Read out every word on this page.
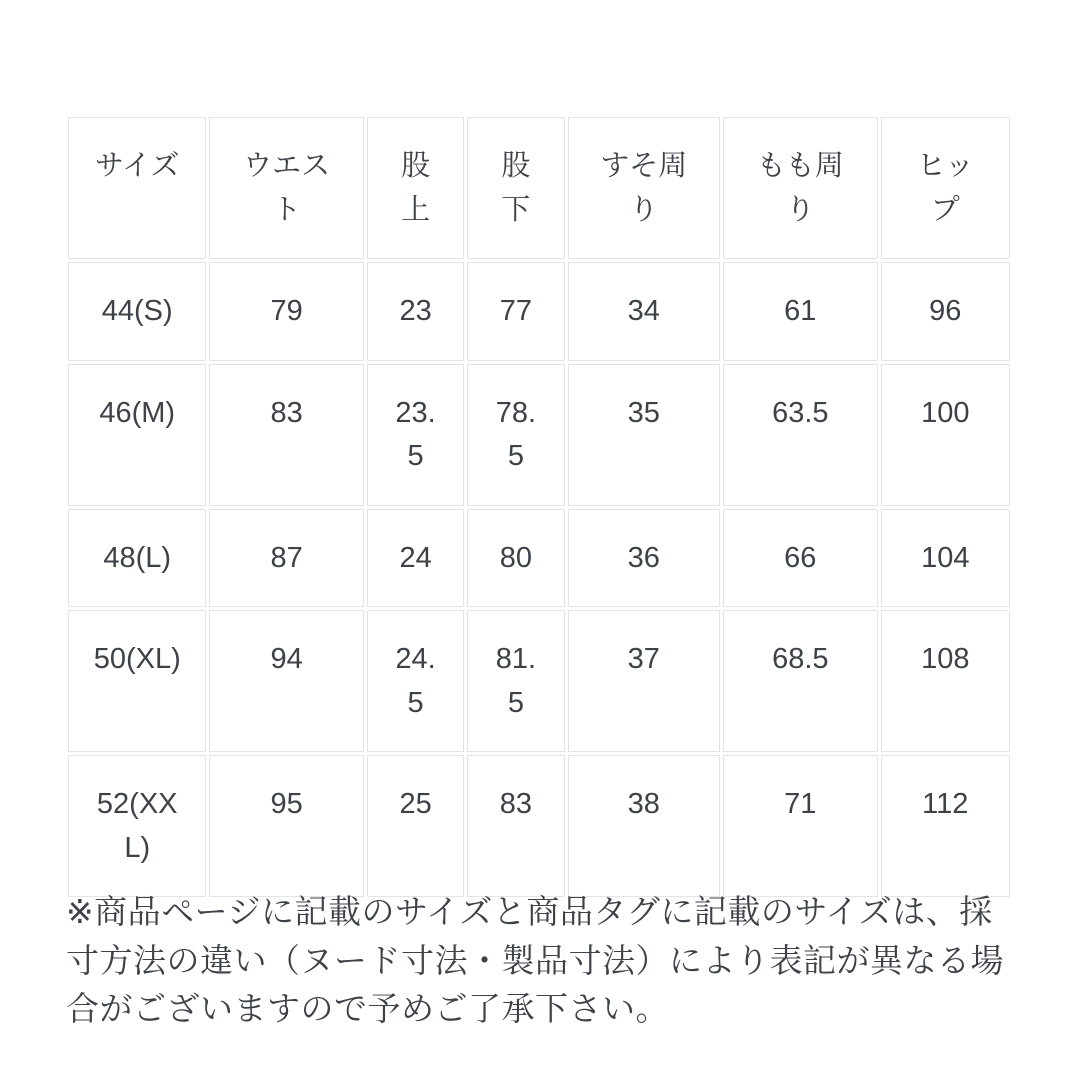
サイズ	ウエスト	股上	股下	すそ周り	もも周り	ヒップ
44(S)	79	23	77	34	61	96
46(M)	83	23.5	78.5	35	63.5	100
48(L)	87	24	80	36	66	104
50(XL)	94	24.5	81.5	37	68.5	108
52(XXL)	95	25	83	38	71	112

※商品ページに記載のサイズと商品タグに記載のサイズは、採寸方法の違い（ヌード寸法・製品寸法）により表記が異なる場合がございますので予めご了承下さい。
